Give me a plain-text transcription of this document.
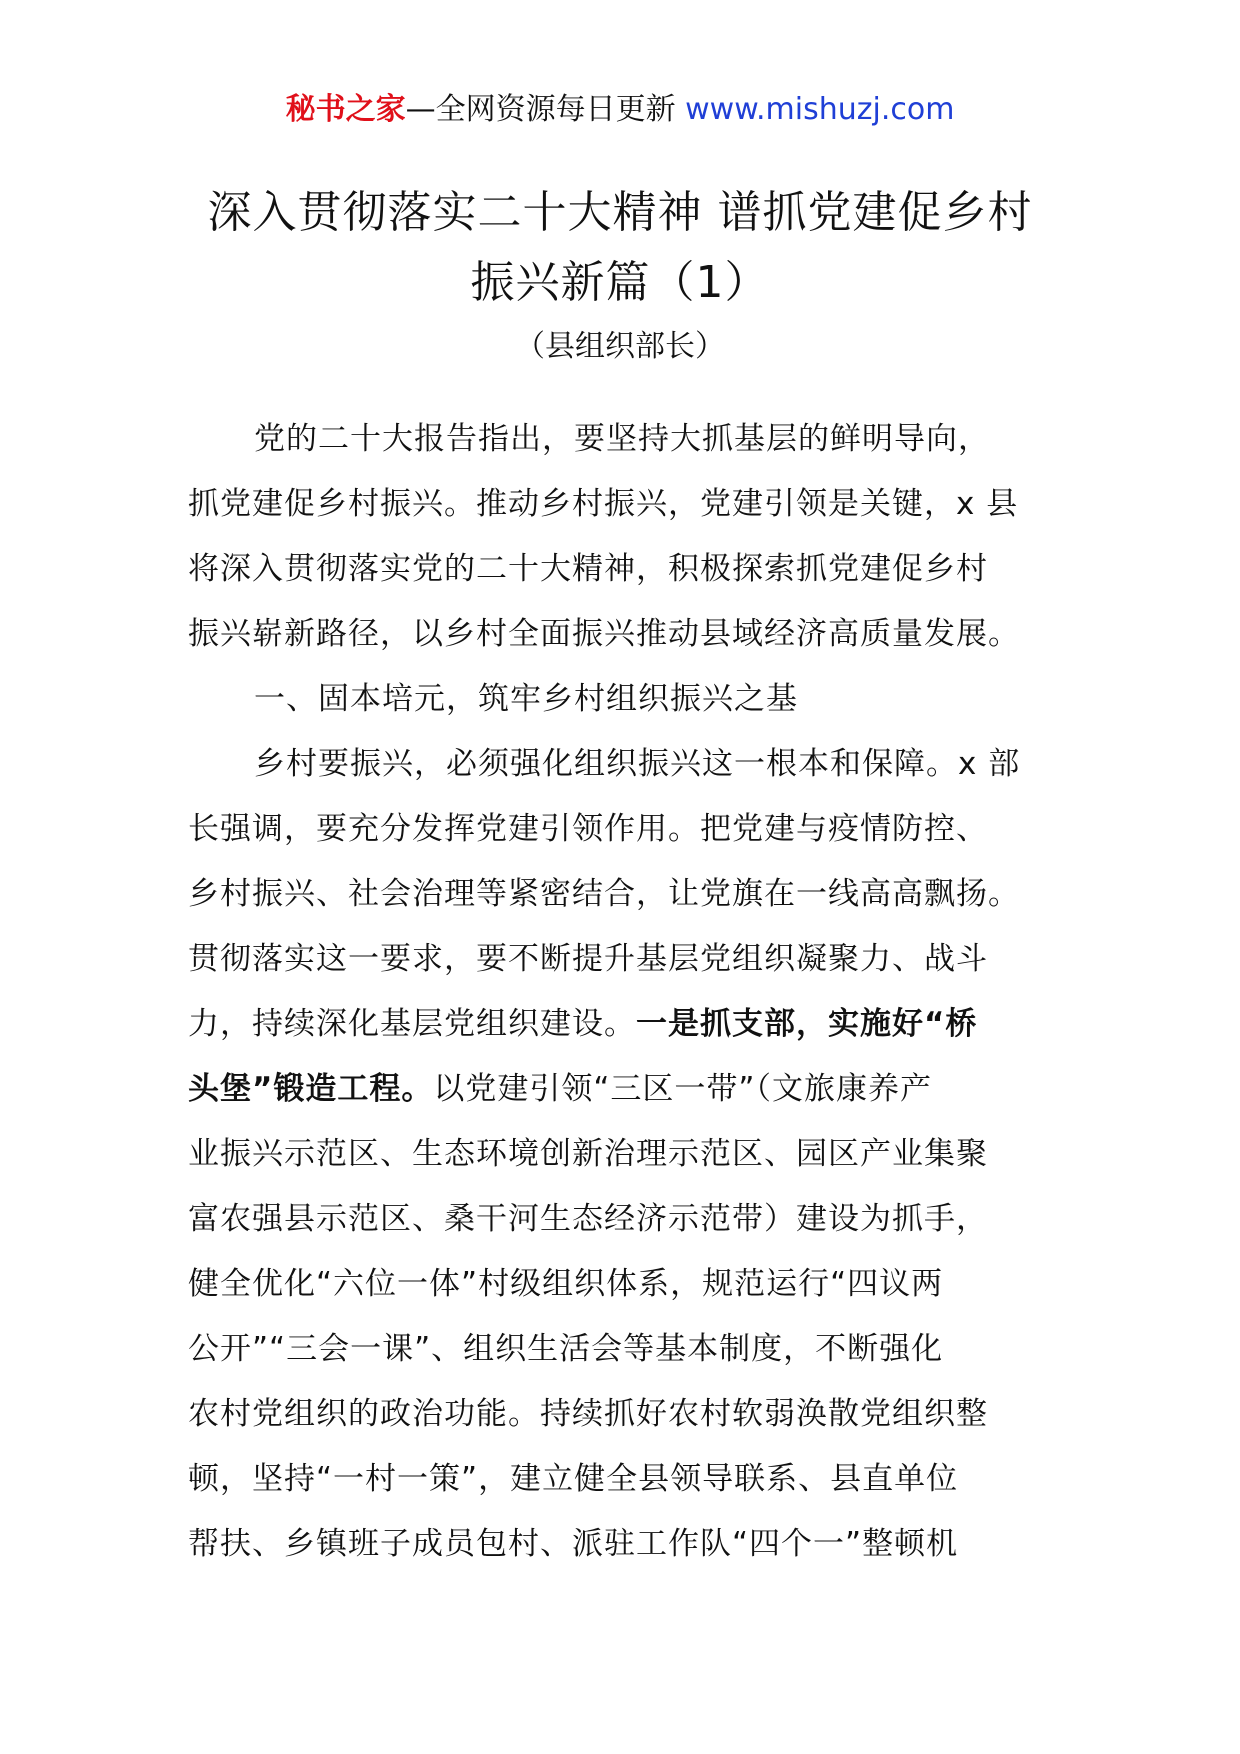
秘书之家—全网资源每日更新 www.mishuzj.com
深入贯彻落实二十大精神 谱抓党建促乡村
振兴新篇（1）
（县组织部长）
党的二十大报告指出，要坚持大抓基层的鲜明导向，
抓党建促乡村振兴。推动乡村振兴，党建引领是关键，x 县
将深入贯彻落实党的二十大精神，积极探索抓党建促乡村
振兴崭新路径，以乡村全面振兴推动县域经济高质量发展。
一、固本培元，筑牢乡村组织振兴之基
乡村要振兴，必须强化组织振兴这一根本和保障。x 部
长强调，要充分发挥党建引领作用。把党建与疫情防控、
乡村振兴、社会治理等紧密结合，让党旗在一线高高飘扬。
贯彻落实这一要求，要不断提升基层党组织凝聚力、战斗
力，持续深化基层党组织建设。一是抓支部，实施好“桥
头堡”锻造工程。以党建引领“三区一带”（文旅康养产
业振兴示范区、生态环境创新治理示范区、园区产业集聚
富农强县示范区、桑干河生态经济示范带）建设为抓手，
健全优化“六位一体”村级组织体系，规范运行“四议两
公开”“三会一课”、组织生活会等基本制度，不断强化
农村党组织的政治功能。持续抓好农村软弱涣散党组织整
顿，坚持“一村一策”，建立健全县领导联系、县直单位
帮扶、乡镇班子成员包村、派驻工作队“四个一”整顿机
